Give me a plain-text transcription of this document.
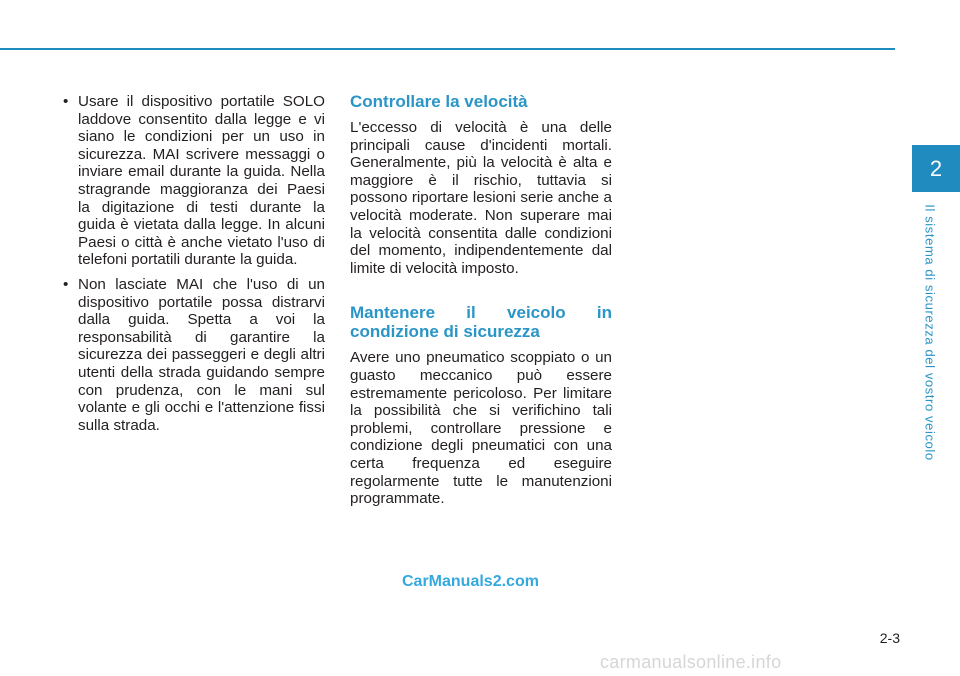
• Usare il dispositivo portatile SOLO laddove consentito dalla legge e vi siano le condizioni per un uso in sicurezza. MAI scrivere messaggi o inviare email durante la guida. Nella stragrande maggioranza dei Paesi la digitazione di testi durante la guida è vietata dalla legge. In alcuni Paesi o città è anche vietato l'uso di telefoni portatili durante la guida.
• Non lasciate MAI che l'uso di un dispositivo portatile possa distrarvi dalla guida. Spetta a voi la responsabilità di garantire la sicurezza dei passeggeri e degli altri utenti della strada guidando sempre con prudenza, con le mani sul volante e gli occhi e l'attenzione fissi sulla strada.
Controllare la velocità

L'eccesso di velocità è una delle principali cause d'incidenti mortali. Generalmente, più la velocità è alta e maggiore è il rischio, tuttavia si possono riportare lesioni serie anche a velocità moderate. Non superare mai la velocità consentita dalle condizioni del momento, indipendentemente dal limite di velocità imposto.

Mantenere il veicolo in condizione di sicurezza

Avere uno pneumatico scoppiato o un guasto meccanico può essere estremamente pericoloso. Per limitare la possibilità che si verifichino tali problemi, controllare pressione e condizione degli pneumatici con una certa frequenza ed eseguire regolarmente tutte le manutenzioni programmate.

2
Il sistema di sicurezza del vostro veicolo
2-3
CarManuals2.com
carmanualsonline.info
